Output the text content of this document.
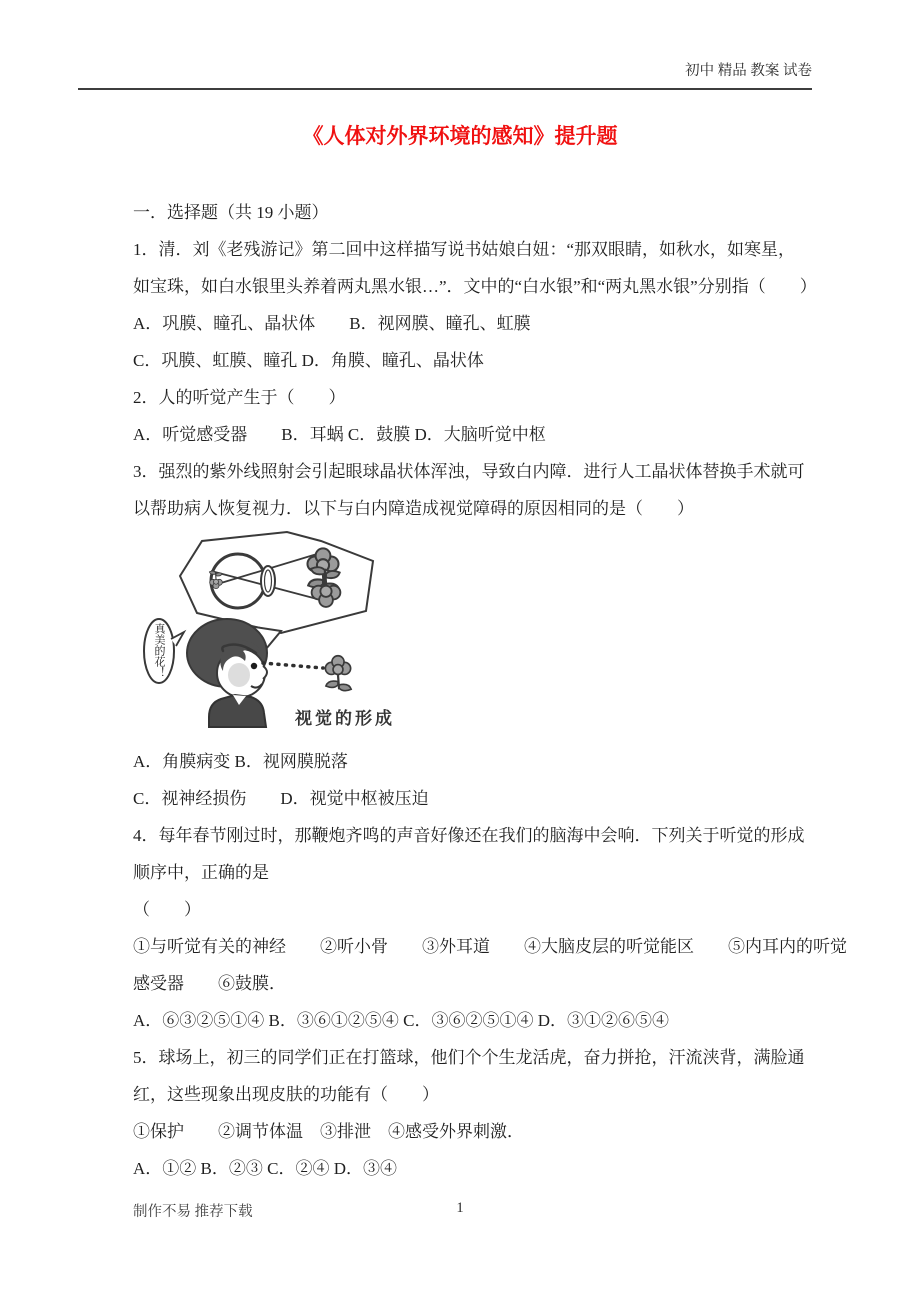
初中 精品 教案 试卷
《人体对外界环境的感知》提升题
一．选择题（共 19 小题）
1．清．刘《老残游记》第二回中这样描写说书姑娘白妞：“那双眼睛，如秋水，如寒星，
如宝珠，如白水银里头养着两丸黑水银…”．文中的“白水银”和“两丸黑水银”分别指（　　）
A．巩膜、瞳孔、晶状体　　B．视网膜、瞳孔、虹膜
C．巩膜、虹膜、瞳孔 D．角膜、瞳孔、晶状体
2．人的听觉产生于（　　）
A．听觉感受器　　B．耳蜗 C．鼓膜 D．大脑听觉中枢
3．强烈的紫外线照射会引起眼球晶状体浑浊，导致白内障．进行人工晶状体替换手术就可
以帮助病人恢复视力．以下与白内障造成视觉障碍的原因相同的是（　　）
真美的花！
视觉的形成
A．角膜病变 B．视网膜脱落
C．视神经损伤　　D．视觉中枢被压迫
4．每年春节刚过时，那鞭炮齐鸣的声音好像还在我们的脑海中会响．下列关于听觉的形成
顺序中，正确的是
（　　）
①与听觉有关的神经　　②听小骨　　③外耳道　　④大脑皮层的听觉能区　　⑤内耳内的听觉
感受器　　⑥鼓膜．
A．⑥③②⑤①④ B．③⑥①②⑤④ C．③⑥②⑤①④ D．③①②⑥⑤④
5．球场上，初三的同学们正在打篮球，他们个个生龙活虎，奋力拼抢，汗流浃背，满脸通
红，这些现象出现皮肤的功能有（　　）
①保护　　②调节体温　③排泄　④感受外界刺激．
A．①② B．②③ C．②④ D．③④
制作不易 推荐下载	1
